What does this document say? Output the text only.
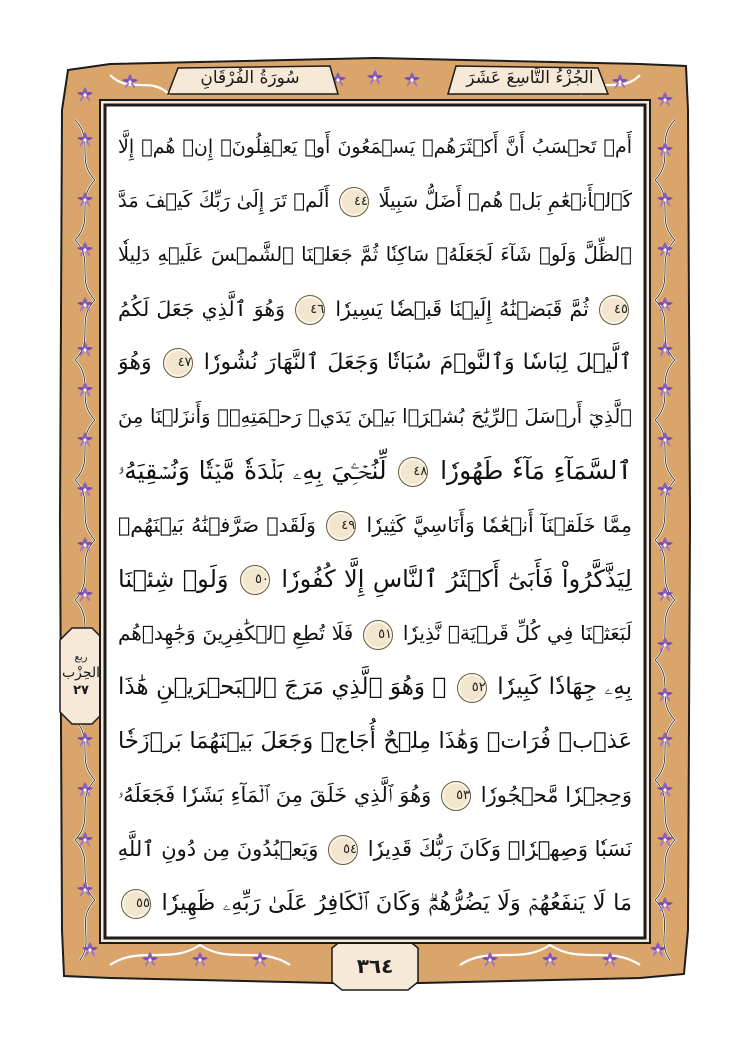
الجُزْءُ التَّاسِعَ عَشَرَ
سُورَةُ الفُرْقَانِ
أَمۡ تَحۡسَبُ أَنَّ أَكۡثَرَهُمۡ يَسۡمَعُونَ أَوۡ يَعۡقِلُونَۚ إِنۡ هُمۡ إِلَّا
كَٱلۡأَنۡعَٰمِ بَلۡ هُمۡ أَضَلُّ سَبِيلًا ٤٤ أَلَمۡ تَرَ إِلَىٰ رَبِّكَ كَيۡفَ مَدَّ
ٱلظِّلَّ وَلَوۡ شَآءَ لَجَعَلَهُۥ سَاكِنٗا ثُمَّ جَعَلۡنَا ٱلشَّمۡسَ عَلَيۡهِ دَلِيلٗا
٤٥ ثُمَّ قَبَضۡنَٰهُ إِلَيۡنَا قَبۡضٗا يَسِيرٗا ٤٦ وَهُوَ ٱلَّذِي جَعَلَ لَكُمُ
ٱلَّيۡلَ لِبَاسٗا وَٱلنَّوۡمَ سُبَاتٗا وَجَعَلَ ٱلنَّهَارَ نُشُورٗا ٤٧ وَهُوَ
ٱلَّذِيٓ أَرۡسَلَ ٱلرِّيَٰحَ بُشۡرَۢا بَيۡنَ يَدَيۡ رَحۡمَتِهِۦۚ وَأَنزَلۡنَا مِنَ
ٱلسَّمَآءِ مَآءٗ طَهُورٗا ٤٨ لِّنُحۡـِۧيَ بِهِۦ بَلۡدَةٗ مَّيۡتٗا وَنُسۡقِيَهُۥ
مِمَّا خَلَقۡنَآ أَنۡعَٰمٗا وَأَنَاسِيَّ كَثِيرٗا ٤٩ وَلَقَدۡ صَرَّفۡنَٰهُ بَيۡنَهُمۡ
لِيَذَّكَّرُواْ فَأَبَىٰٓ أَكۡثَرُ ٱلنَّاسِ إِلَّا كُفُورٗا ٥٠ وَلَوۡ شِئۡنَا
لَبَعَثۡنَا فِي كُلِّ قَرۡيَةٖ نَّذِيرٗا ٥١ فَلَا تُطِعِ ٱلۡكَٰفِرِينَ وَجَٰهِدۡهُم
بِهِۦ جِهَادٗا كَبِيرٗا ٥٢ ۞ وَهُوَ ٱلَّذِي مَرَجَ ٱلۡبَحۡرَيۡنِ هَٰذَا
عَذۡبٞ فُرَاتٞ وَهَٰذَا مِلۡحٌ أُجَاجٞ وَجَعَلَ بَيۡنَهُمَا بَرۡزَخٗا
وَحِجۡرٗا مَّحۡجُورٗا ٥٣ وَهُوَ ٱلَّذِي خَلَقَ مِنَ ٱلۡمَآءِ بَشَرٗا فَجَعَلَهُۥ
نَسَبٗا وَصِهۡرٗاۗ وَكَانَ رَبُّكَ قَدِيرٗا ٥٤ وَيَعۡبُدُونَ مِن دُونِ ٱللَّهِ
مَا لَا يَنفَعُهُمۡ وَلَا يَضُرُّهُمۡۗ وَكَانَ ٱلۡكَافِرُ عَلَىٰ رَبِّهِۦ ظَهِيرٗا ٥٥
ربع
الحِزْب
٢٧
٣٦٤
